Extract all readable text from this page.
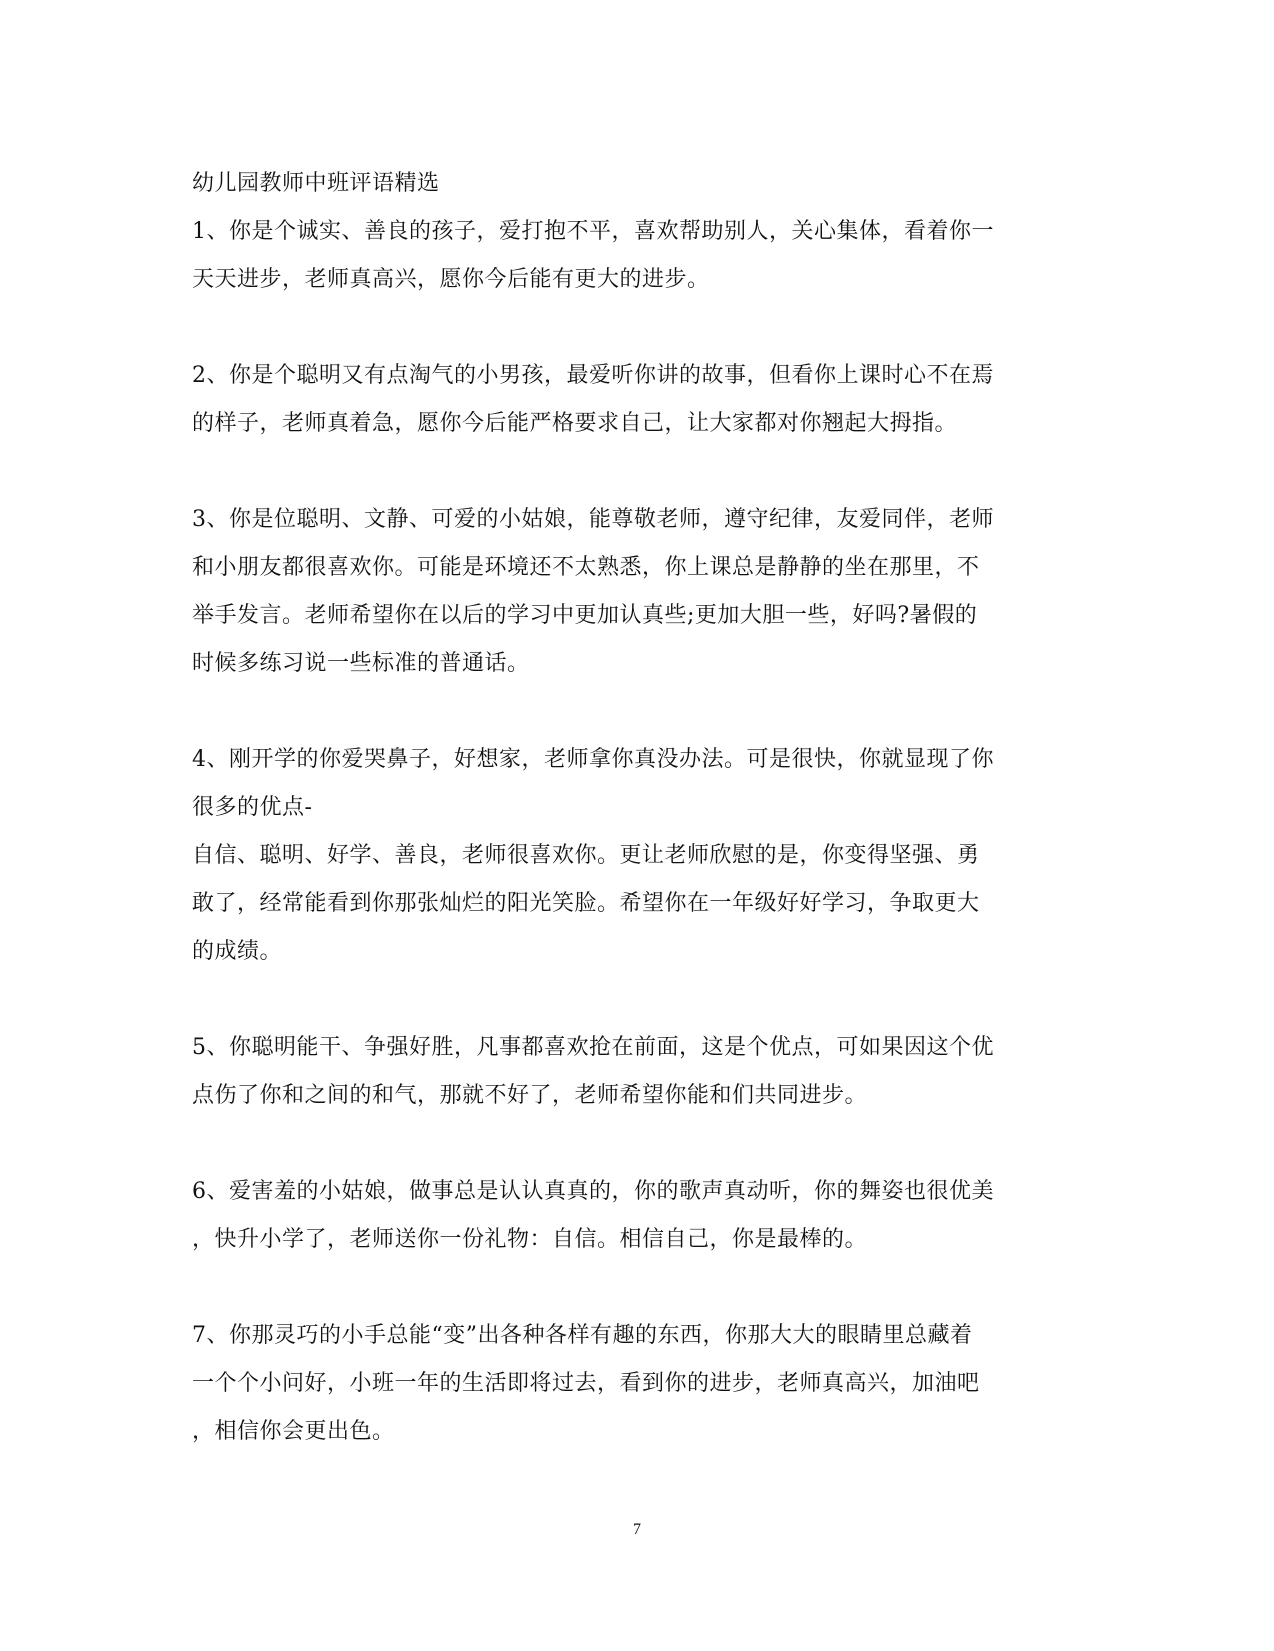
幼儿园教师中班评语精选
1、你是个诚实、善良的孩子，爱打抱不平，喜欢帮助别人，关心集体，看着你一
天天进步，老师真高兴，愿你今后能有更大的进步。
2、你是个聪明又有点淘气的小男孩，最爱听你讲的故事，但看你上课时心不在焉
的样子，老师真着急，愿你今后能严格要求自己，让大家都对你翘起大拇指。
3、你是位聪明、文静、可爱的小姑娘，能尊敬老师，遵守纪律，友爱同伴，老师
和小朋友都很喜欢你。可能是环境还不太熟悉，你上课总是静静的坐在那里，不
举手发言。老师希望你在以后的学习中更加认真些;更加大胆一些，好吗?暑假的
时候多练习说一些标准的普通话。
4、刚开学的你爱哭鼻子，好想家，老师拿你真没办法。可是很快，你就显现了你
很多的优点-
自信、聪明、好学、善良，老师很喜欢你。更让老师欣慰的是，你变得坚强、勇
敢了，经常能看到你那张灿烂的阳光笑脸。希望你在一年级好好学习，争取更大
的成绩。
5、你聪明能干、争强好胜，凡事都喜欢抢在前面，这是个优点，可如果因这个优
点伤了你和之间的和气，那就不好了，老师希望你能和们共同进步。
6、爱害羞的小姑娘，做事总是认认真真的，你的歌声真动听，你的舞姿也很优美
，快升小学了，老师送你一份礼物：自信。相信自己，你是最棒的。
7、你那灵巧的小手总能“变”出各种各样有趣的东西，你那大大的眼睛里总藏着
一个个小问好，小班一年的生活即将过去，看到你的进步，老师真高兴，加油吧
，相信你会更出色。
7
